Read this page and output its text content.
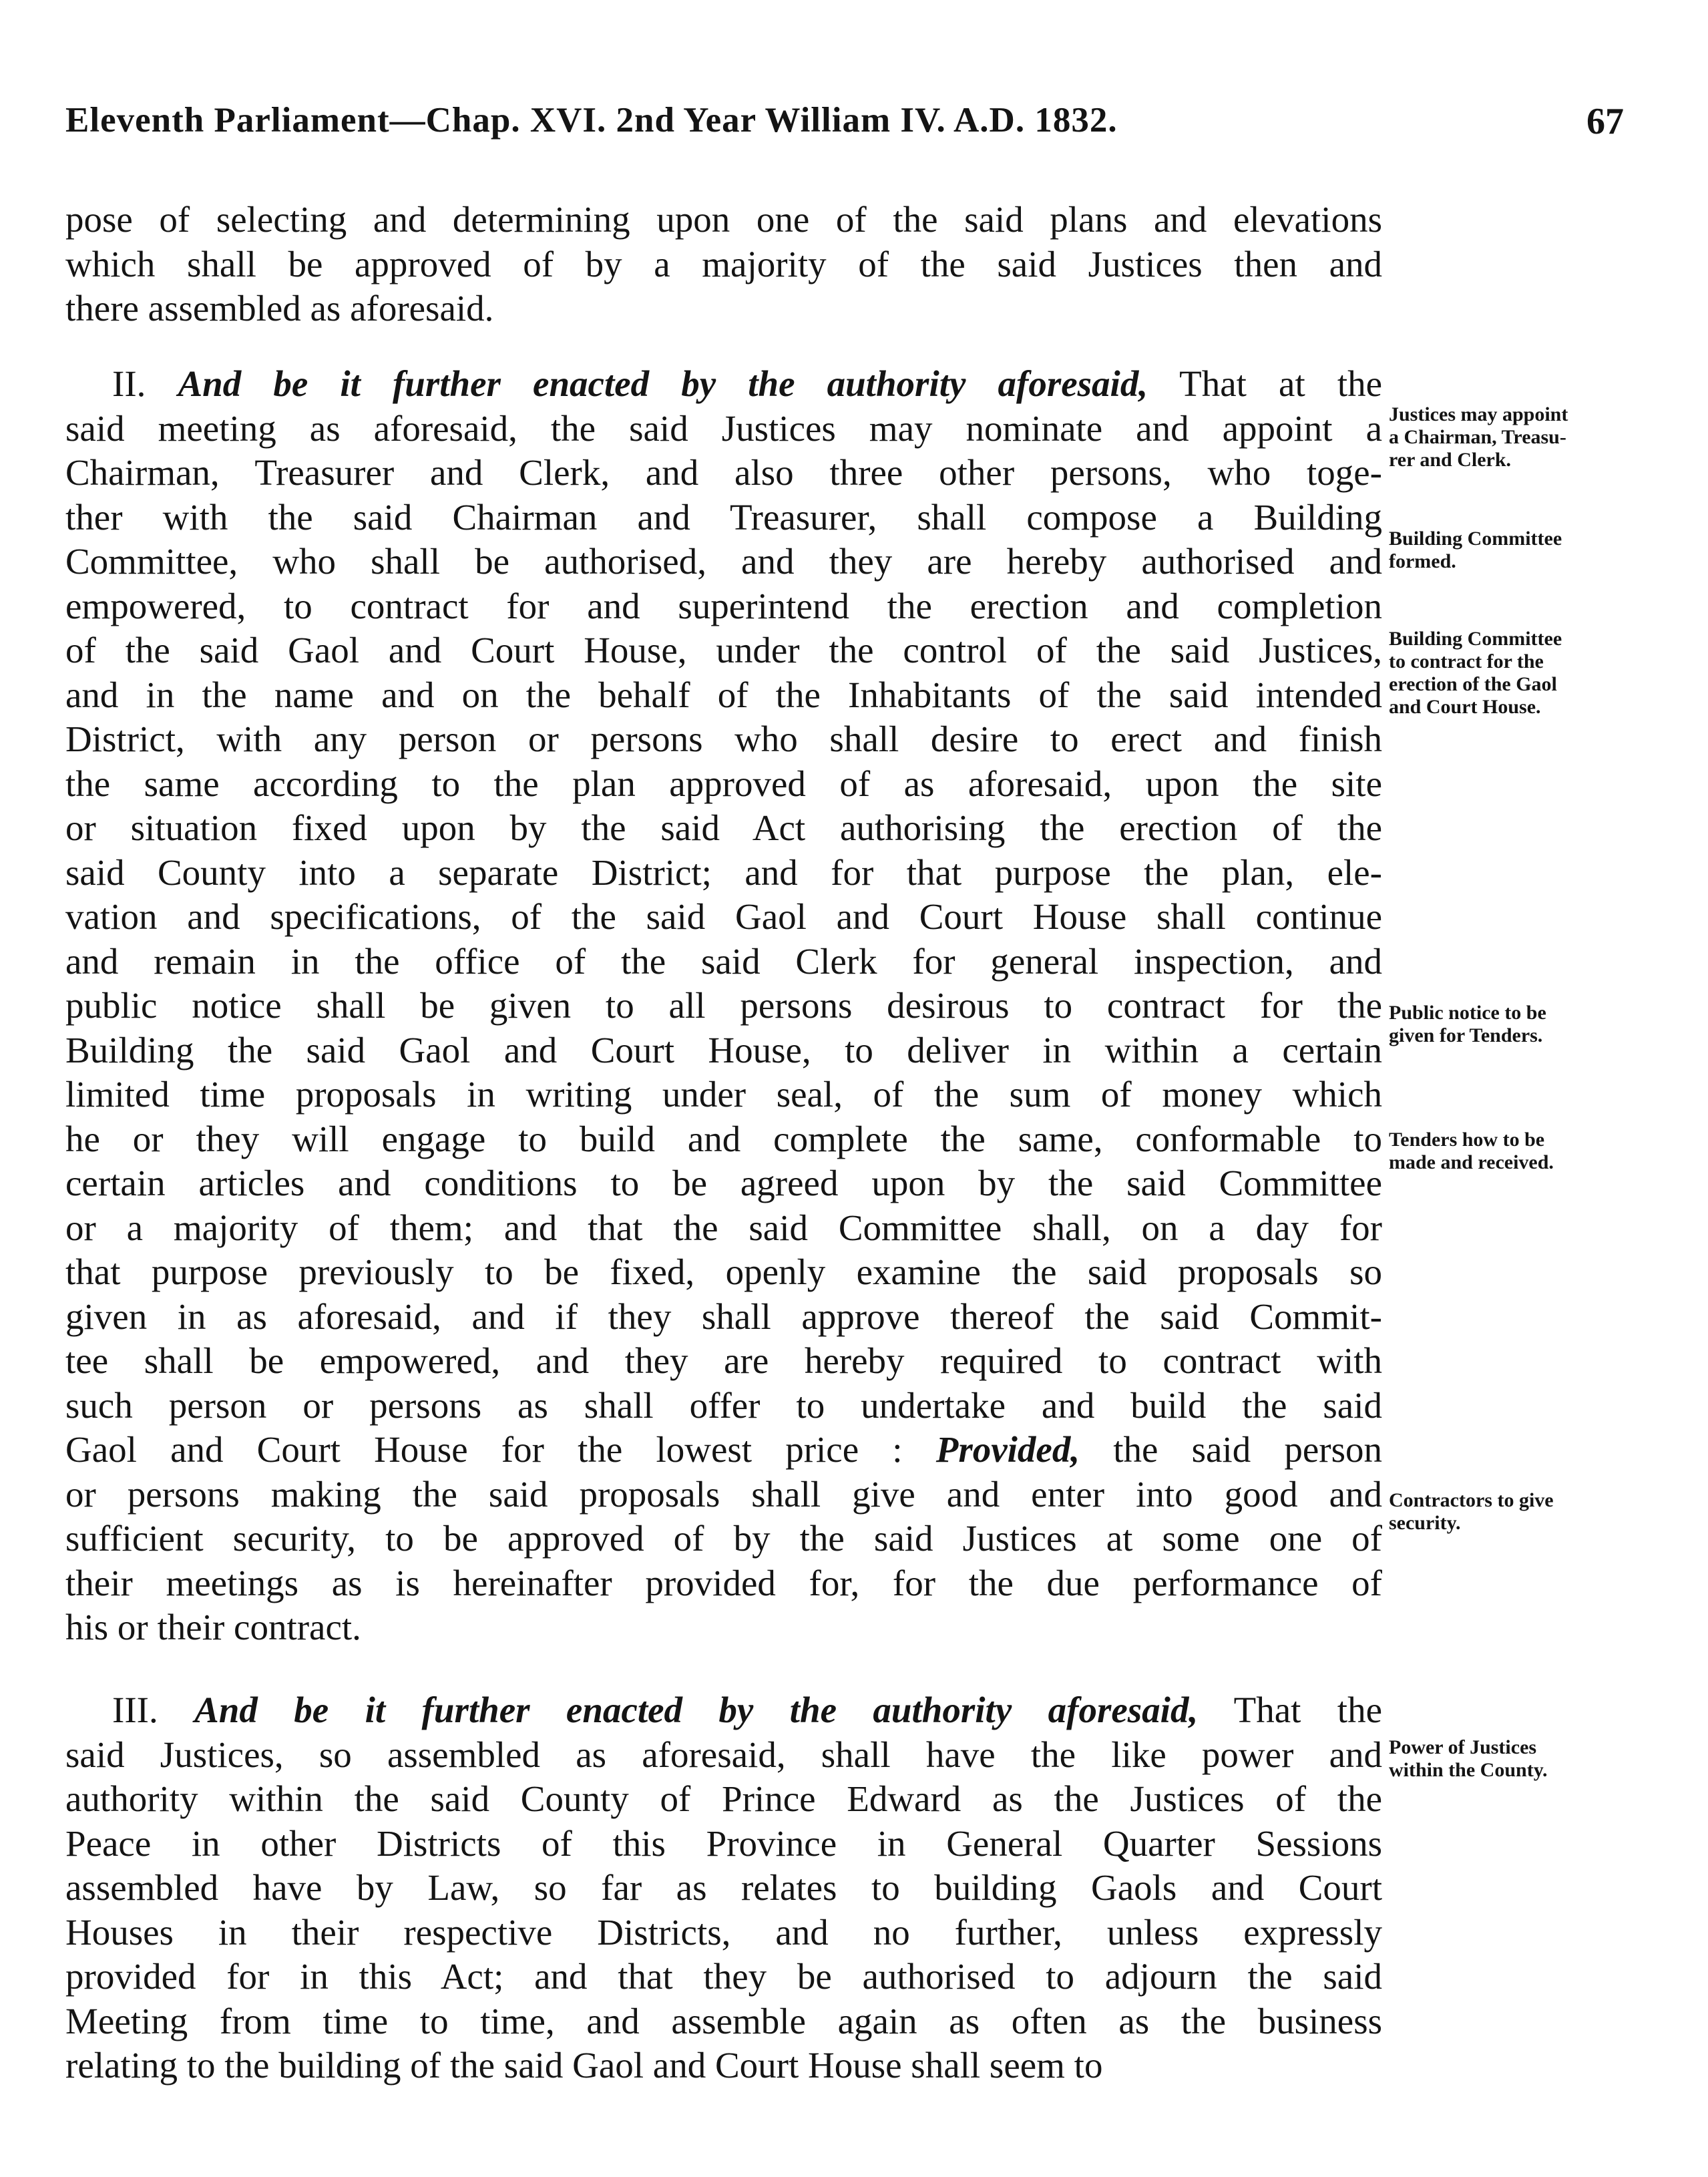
Eleventh Parliament—Chap. XVI. 2nd Year William IV. A.D. 1832.	67
pose of selecting and determining upon one of the said plans and elevations
which shall be approved of by a majority of the said Justices then and
there assembled as aforesaid.
II. And be it further enacted by the authority aforesaid, That at the
said meeting as aforesaid, the said Justices may nominate and appoint a
Chairman, Treasurer and Clerk, and also three other persons, who toge-
ther with the said Chairman and Treasurer, shall compose a Building
Committee, who shall be authorised, and they are hereby authorised and
empowered, to contract for and superintend the erection and completion
of the said Gaol and Court House, under the control of the said Justices,
and in the name and on the behalf of the Inhabitants of the said intended
District, with any person or persons who shall desire to erect and finish
the same according to the plan approved of as aforesaid, upon the site
or situation fixed upon by the said Act authorising the erection of the
said County into a separate District; and for that purpose the plan, ele-
vation and specifications, of the said Gaol and Court House shall continue
and remain in the office of the said Clerk for general inspection, and
public notice shall be given to all persons desirous to contract for the
Building the said Gaol and Court House, to deliver in within a certain
limited time proposals in writing under seal, of the sum of money which
he or they will engage to build and complete the same, conformable to
certain articles and conditions to be agreed upon by the said Committee
or a majority of them; and that the said Committee shall, on a day for
that purpose previously to be fixed, openly examine the said proposals so
given in as aforesaid, and if they shall approve thereof the said Commit-
tee shall be empowered, and they are hereby required to contract with
such person or persons as shall offer to undertake and build the said
Gaol and Court House for the lowest price : Provided, the said person
or persons making the said proposals shall give and enter into good and
sufficient security, to be approved of by the said Justices at some one of
their meetings as is hereinafter provided for, for the due performance of
his or their contract.
III. And be it further enacted by the authority aforesaid, That the
said Justices, so assembled as aforesaid, shall have the like power and
authority within the said County of Prince Edward as the Justices of the
Peace in other Districts of this Province in General Quarter Sessions
assembled have by Law, so far as relates to building Gaols and Court
Houses in their respective Districts, and no further, unless expressly
provided for in this Act; and that they be authorised to adjourn the said
Meeting from time to time, and assemble again as often as the business
relating to the building of the said Gaol and Court House shall seem to
Justices may appoint
a Chairman, Treasu-
rer and Clerk.
Building Committee
formed.
Building Committee
to contract for the
erection of the Gaol
and Court House.
Public notice to be
given for Tenders.
Tenders how to be
made and received.
Contractors to give
security.
Power of Justices
within the County.
